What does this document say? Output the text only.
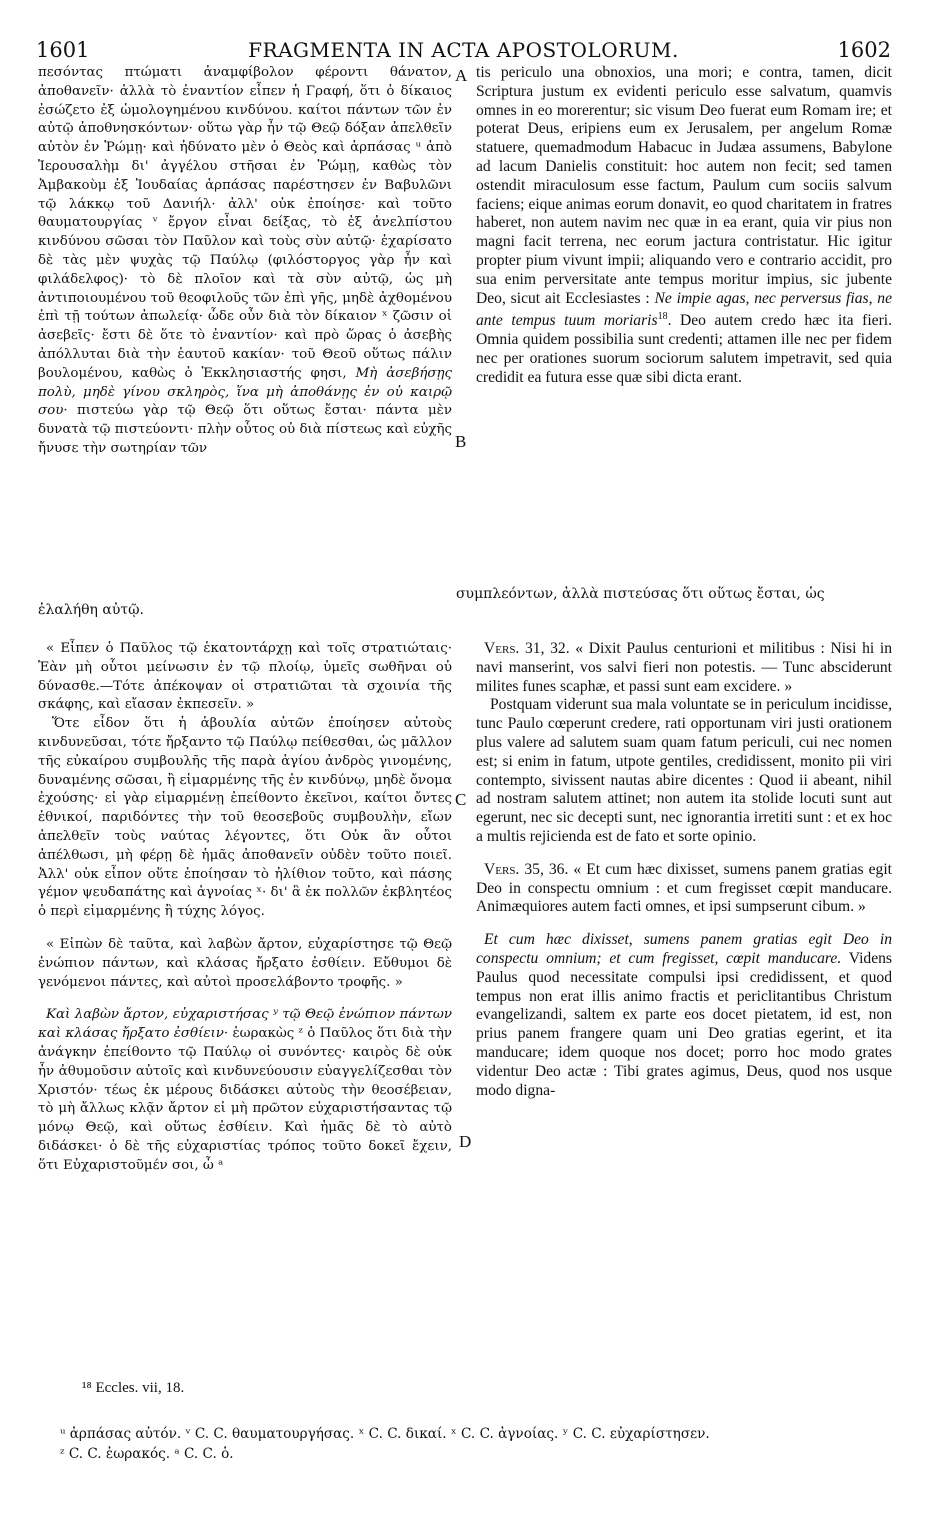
1601	FRAGMENTA IN ACTA APOSTOLORUM.	1602

πεσόντας πτώματι ἀναμφίβολον φέροντι θάνατον, ἀποθανεῖν· ἀλλὰ τὸ ἐναντίον εἶπεν ἡ Γραφή, ὅτι ὁ δίκαιος ἐσώζετο ἐξ ὡμολογημένου κινδύνου. καίτοι πάντων τῶν ἐν αὐτῷ ἀποθνησκόντων· οὕτω γὰρ ἦν τῷ Θεῷ δόξαν ἀπελθεῖν αὐτὸν ἐν Ῥώμῃ· καὶ ἠδύνατο μὲν ὁ Θεὸς καὶ ἁρπάσας ᵘ ἀπὸ Ἱερουσαλὴμ δι' ἀγγέλου στῆσαι ἐν Ῥώμῃ, καθὼς τὸν Ἀμβακοὺμ ἐξ Ἰουδαίας ἁρπάσας παρέστησεν ἐν Βαβυλῶνι τῷ λάκκῳ τοῦ Δανιήλ· ἀλλ' οὐκ ἐποίησε· καὶ τοῦτο θαυματουργίας ᵛ ἔργον εἶναι δείξας, τὸ ἐξ ἀνελπίστου κινδύνου σῶσαι τὸν Παῦλον καὶ τοὺς σὺν αὐτῷ· ἐχαρίσατο δὲ τὰς μὲν ψυχὰς τῷ Παύλῳ (φιλόστοργος γὰρ ἦν καὶ φιλάδελφος)· τὸ δὲ πλοῖον καὶ τὰ σὺν αὐτῷ, ὡς μὴ ἀντιποιουμένου τοῦ θεοφιλοῦς τῶν ἐπὶ γῆς, μηδὲ ἀχθομένου ἐπὶ τῇ τούτων ἀπωλείᾳ· ὧδε οὖν διὰ τὸν δίκαιον ˣ ζῶσιν οἱ ἀσεβεῖς· ἔστι δὲ ὅτε τὸ ἐναντίον· καὶ πρὸ ὥρας ὁ ἀσεβὴς ἀπόλλυται διὰ τὴν ἑαυτοῦ κακίαν· τοῦ Θεοῦ οὕτως πάλιν βουλομένου, καθὼς ὁ Ἐκκλησιαστής φησι, Μὴ ἀσεβήσῃς πολὺ, μηδὲ γίνου σκληρὸς, ἵνα μὴ ἀποθάνῃς ἐν οὐ καιρῷ σου· πιστεύω γὰρ τῷ Θεῷ ὅτι οὕτως ἔσται· πάντα μὲν δυνατὰ τῷ πιστεύοντι· πλὴν οὗτος οὐ διὰ πίστεως καὶ εὐχῆς ἤνυσε τὴν σωτηρίαν τῶν

συμπλεόντων, ἀλλὰ πιστεύσας ὅτι οὕτως ἔσται, ὡς
ἐλαλήθη αὐτῷ.

« Εἶπεν ὁ Παῦλος τῷ ἑκατοντάρχῃ καὶ τοῖς στρατιώταις· Ἐὰν μὴ οὗτοι μείνωσιν ἐν τῷ πλοίῳ, ὑμεῖς σωθῆναι οὐ δύνασθε.—Τότε ἀπέκοψαν οἱ στρατιῶται τὰ σχοινία τῆς σκάφης, καὶ εἴασαν ἐκπεσεῖν. »

Ὅτε εἶδον ὅτι ἡ ἀβουλία αὐτῶν ἐποίησεν αὐτοὺς κινδυνεῦσαι, τότε ἤρξαντο τῷ Παύλῳ πείθεσθαι, ὡς μᾶλλον τῆς εὐκαίρου συμβουλῆς τῆς παρὰ ἁγίου ἀνδρὸς γινομένης, δυναμένης σῶσαι, ἢ εἱμαρμένης τῆς ἐν κινδύνῳ, μηδὲ ὄνομα ἐχούσης· εἰ γὰρ εἱμαρμένῃ ἐπείθοντο ἐκεῖνοι, καίτοι ὄντες ἐθνικοί, παριδόντες τὴν τοῦ θεοσεβοῦς συμβουλὴν, εἴων ἀπελθεῖν τοὺς ναύτας λέγοντες, ὅτι Οὐκ ἂν οὗτοι ἀπέλθωσι, μὴ φέρῃ δὲ ἡμᾶς ἀποθανεῖν οὐδὲν τοῦτο ποιεῖ. Ἀλλ' οὐκ εἶπον οὕτε ἐποίησαν τὸ ἠλίθιον τοῦτο, καὶ πάσης γέμον ψευδαπάτης καὶ ἀγνοίας ˣ· δι' ἃ ἐκ πολλῶν ἐκβλητέος ὁ περὶ εἱμαρμένης ἢ τύχης λόγος.

« Εἰπὼν δὲ ταῦτα, καὶ λαβὼν ἄρτον, εὐχαρίστησε τῷ Θεῷ ἐνώπιον πάντων, καὶ κλάσας ἤρξατο ἐσθίειν. Εὔθυμοι δὲ γενόμενοι πάντες, καὶ αὐτοὶ προσελάβοντο τροφῆς. »

Καὶ λαβὼν ἄρτον, εὐχαριστήσας ʸ τῷ Θεῷ ἐνώπιον πάντων καὶ κλάσας ἤρξατο ἐσθίειν· ἑωρακὼς ᶻ ὁ Παῦλος ὅτι διὰ τὴν ἀνάγκην ἐπείθοντο τῷ Παύλῳ οἱ συνόντες· καιρὸς δὲ οὐκ ἦν ἀθυμοῦσιν αὐτοῖς καὶ κινδυνεύουσιν εὐαγγελίζεσθαι τὸν Χριστόν· τέως ἐκ μέρους διδάσκει αὐτοὺς τὴν θεοσέβειαν, τὸ μὴ ἄλλως κλᾷν ἄρτον εἰ μὴ πρῶτον εὐχαριστήσαντας τῷ μόνῳ Θεῷ, καὶ οὕτως ἐσθίειν. Καὶ ἡμᾶς δὲ τὸ αὐτὸ διδάσκει· ὁ δὲ τῆς εὐχαριστίας τρόπος τοῦτο δοκεῖ ἔχειν, ὅτι Εὐχαριστοῦμέν σοι, ὦ ᵃ

tis periculo una obnoxios, una mori; e contra, tamen, dicit Scriptura justum ex evidenti periculo esse salvatum, quamvis omnes in eo morerentur; sic visum Deo fuerat eum Romam ire; et poterat Deus, eripiens eum ex Jerusalem, per angelum Romæ statuere, quemadmodum Habacuc in Judæa assumens, Babylone ad lacum Danielis constituit: hoc autem non fecit; sed tamen ostendit miraculosum esse factum, Paulum cum sociis salvum faciens; eique animas eorum donavit, eo quod charitatem in fratres haberet, non autem navim nec quæ in ea erant, quia vir pius non magni facit terrena, nec eorum jactura contristatur. Hic igitur propter pium vivunt impii; aliquando vero e contrario accidit, pro sua enim perversitate ante tempus moritur impius, sic jubente Deo, sicut ait Ecclesiastes : Ne impie agas, nec perversus fias, ne ante tempus tuum moriaris$^{18}$. Deo autem credo hæc ita fieri. Omnia quidem possibilia sunt credenti; attamen ille nec per fidem nec per orationes suorum sociorum salutem impetravit, sed quia credidit ea futura esse quæ sibi dicta erant.

Vers. 31, 32. « Dixit Paulus centurioni et militibus : Nisi hi in navi manserint, vos salvi fieri non potestis. — Tunc absciderunt milites funes scaphæ, et passi sunt eam excidere. »

Postquam viderunt sua mala voluntate se in periculum incidisse, tunc Paulo cœperunt credere, rati opportunam viri justi orationem plus valere ad salutem suam quam fatum periculi, cui nec nomen est; si enim in fatum, utpote gentiles, credidissent, monito pii viri contempto, sivissent nautas abire dicentes : Quod ii abeant, nihil ad nostram salutem attinet; non autem ita stolide locuti sunt aut egerunt, nec sic decepti sunt, nec ignorantia irretiti sunt : et ex hoc a multis rejicienda est de fato et sorte opinio.

Vers. 35, 36. « Et cum hæc dixisset, sumens panem gratias egit Deo in conspectu omnium : et cum fregisset cœpit manducare. Animæquiores autem facti omnes, et ipsi sumpserunt cibum. »

Et cum hæc dixisset, sumens panem gratias egit Deo in conspectu omnium; et cum fregisset, cœpit manducare. Videns Paulus quod necessitate compulsi ipsi credidissent, et quod tempus non erat illis animo fractis et periclitantibus Christum evangelizandi, saltem ex parte eos docet pietatem, id est, non prius panem frangere quam uni Deo gratias egerint, et ita manducare; idem quoque nos docet; porro hoc modo grates videntur Deo actæ : Tibi grates agimus, Deus, quod nos usque modo digna-

A
B
C
D
¹⁸ Eccles. vii, 18.
ᵘ ἁρπάσας αὐτόν. ᵛ C. C. θαυματουργήσας. ˣ C. C. δικαί. ˣ C. C. ἀγνοίας. ʸ C. C. εὐχαρίστησεν.
ᶻ C. C. ἑωρακός. ᵃ C. C. ὁ.
